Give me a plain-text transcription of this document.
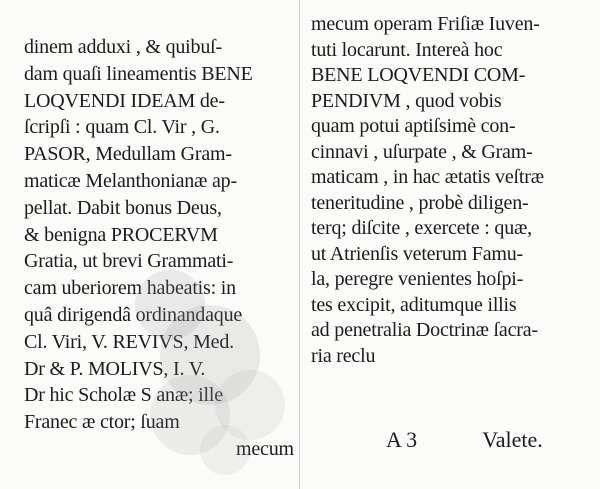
dinem adduxi , & quibuſ-
dam quaſi lineamentis BENE
LOQVENDI IDEAM de-
ſcripſi : quam Cl. Vir , G.
PASOR, Medullam Gram-
maticæ Melanthonianæ ap-
pellat. Dabit bonus Deus,
& benigna PROCERVM
Gratia, ut brevi Grammati-
cam uberiorem habeatis: in
quâ dirigendâ ordinandaque
Cl. Viri, V. REVIVS, Med.
Dr & P. MOLIVS, I. V.
Dr hic Scholæ S anæ; ille
Franec æ ctor; ſuam
mecum
mecum operam Friſiæ Iuven-
tuti locarunt. Intereà hoc
BENE LOQVENDI COM-
PENDIVM , quod vobis
quam potui aptiſsimè con-
cinnavi , uſurpate , & Gram-
maticam , in hac ætatis veſtræ
teneritudine , probè diligen-
terq; diſcite , exercete : quæ,
ut Atrienſis veterum Famu-
la, peregre venientes hoſpi-
tes excipit, aditumque illis
ad penetralia Doctrinæ ſacra-
ria reclu
A 3	Valete.
